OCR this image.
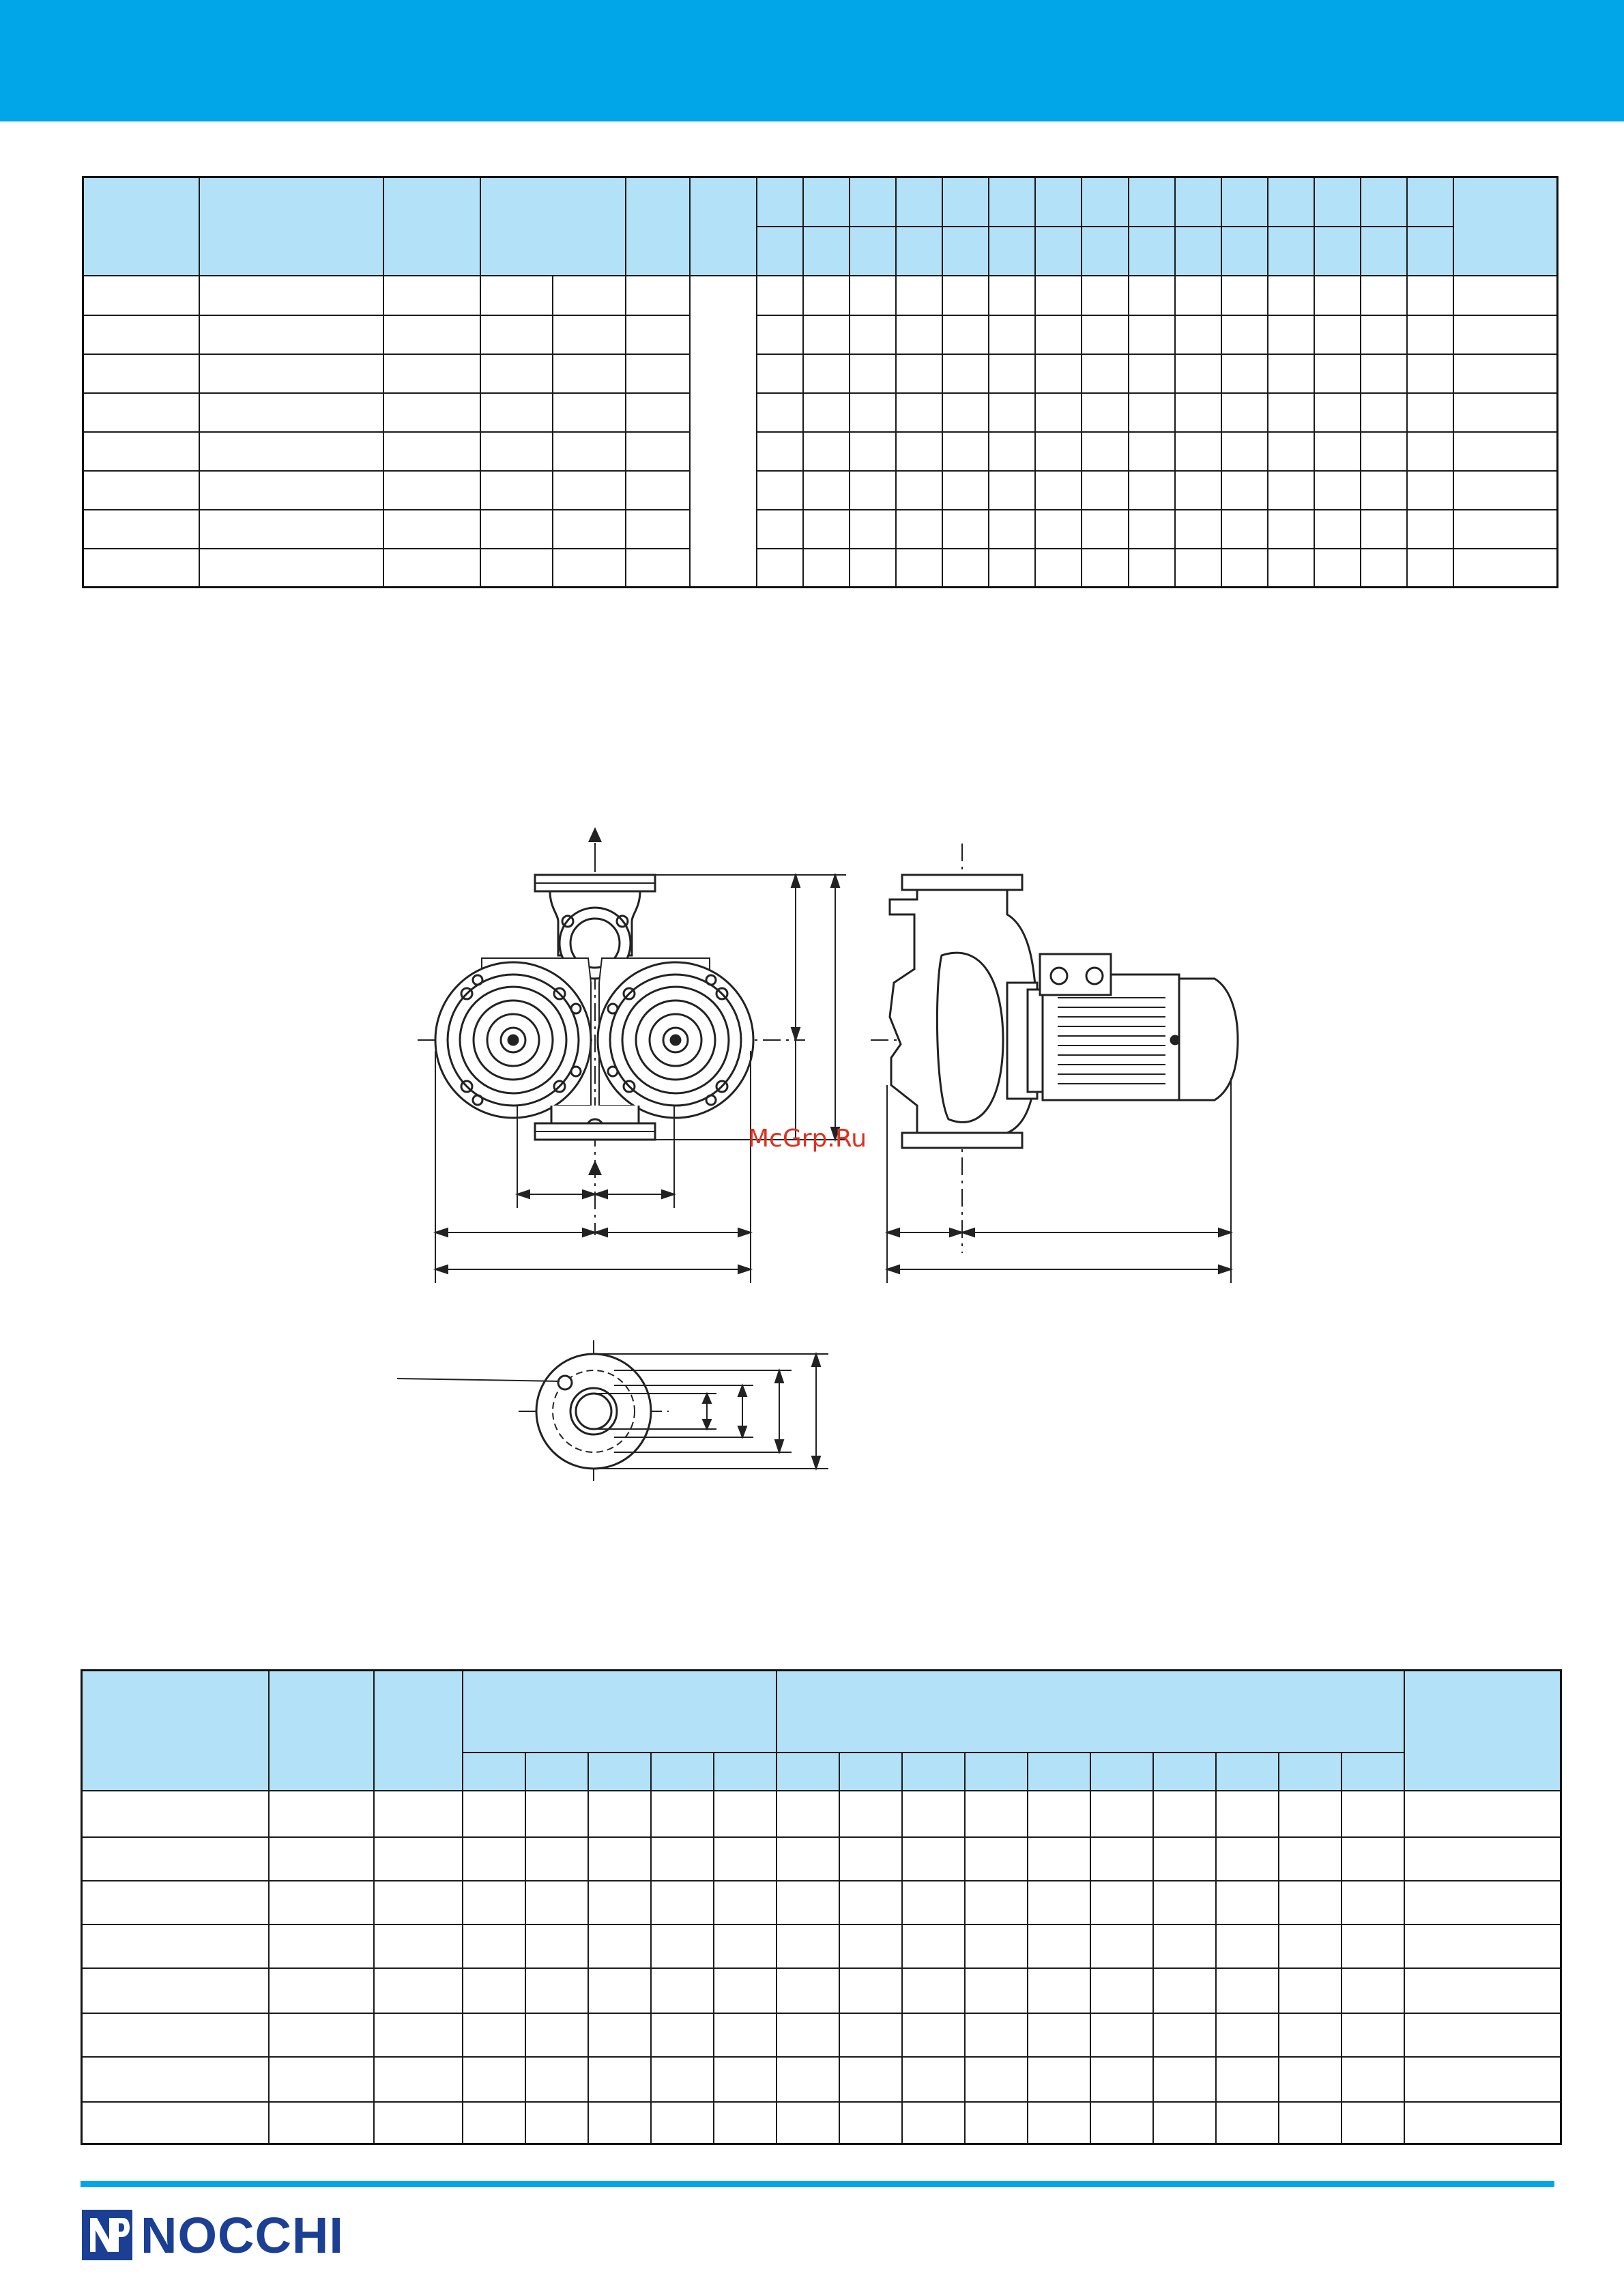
McGrp.Ru

NOCCHI
